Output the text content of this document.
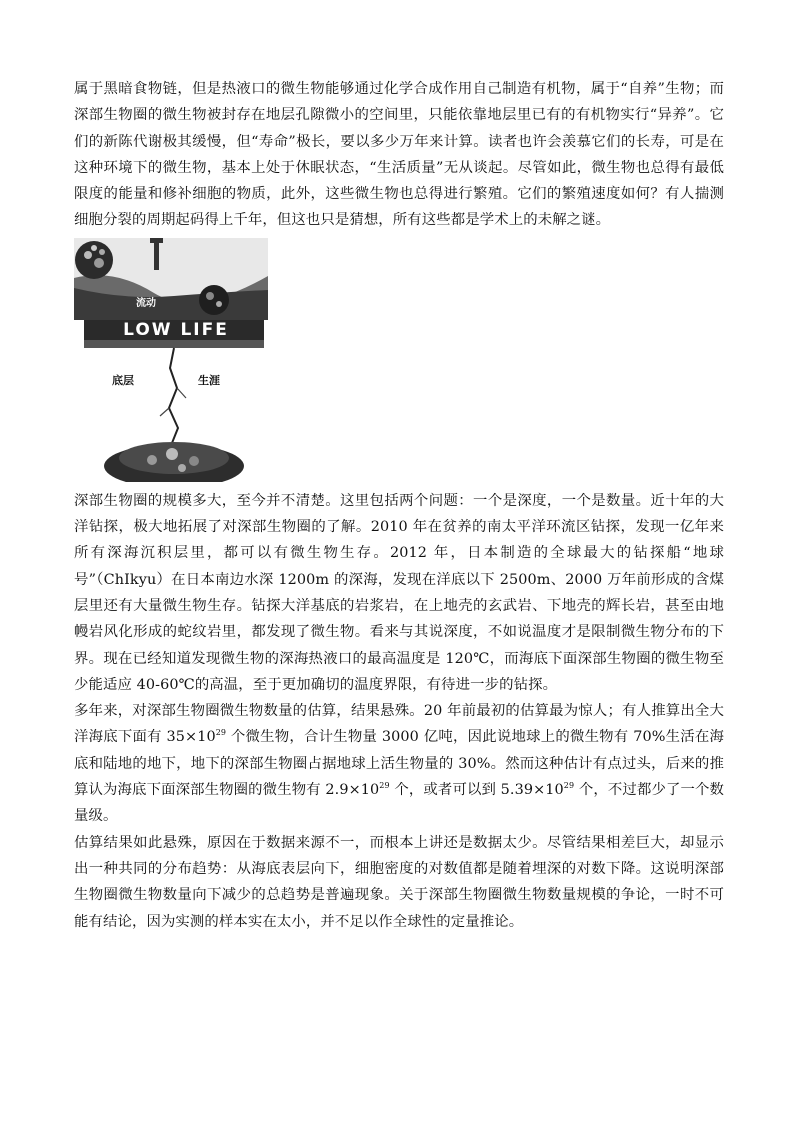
属于黑暗食物链，但是热液口的微生物能够通过化学合成作用自己制造有机物，属于“自养”生物；而深部生物圈的微生物被封存在地层孔隙微小的空间里，只能依靠地层里已有的有机物实行“异养”。它们的新陈代谢极其缓慢，但“寿命”极长，要以多少万年来计算。读者也许会羡慕它们的长寿，可是在这种环境下的微生物，基本上处于休眠状态，“生活质量”无从谈起。尽管如此，微生物也总得有最低限度的能量和修补细胞的物质，此外，这些微生物也总得进行繁殖。它们的繁殖速度如何？有人揣测细胞分裂的周期起码得上千年，但这也只是猜想，所有这些都是学术上的未解之谜。

LOW LIFE
流动
底层	生涯

深部生物圈的规模多大，至今并不清楚。这里包括两个问题：一个是深度，一个是数量。近十年的大洋钻探，极大地拓展了对深部生物圈的了解。2010 年在贫养的南太平洋环流区钻探，发现一亿年来所有深海沉积层里，都可以有微生物生存。2012 年，日本制造的全球最大的钻探船“地球号”（ChIkyu）在日本南边水深 1200m 的深海，发现在洋底以下 2500m、2000 万年前形成的含煤层里还有大量微生物生存。钻探大洋基底的岩浆岩，在上地壳的玄武岩、下地壳的辉长岩，甚至由地幔岩风化形成的蛇纹岩里，都发现了微生物。看来与其说深度，不如说温度才是限制微生物分布的下界。现在已经知道发现微生物的深海热液口的最高温度是 120℃，而海底下面深部生物圈的微生物至少能适应 40-60℃的高温，至于更加确切的温度界限，有待进一步的钻探。

多年来，对深部生物圈微生物数量的估算，结果悬殊。20 年前最初的估算最为惊人；有人推算出全大洋海底下面有 $35\times 10^{29}$ 个微生物，合计生物量 3000 亿吨，因此说地球上的微生物有 70%生活在海底和陆地的地下，地下的深部生物圈占据地球上活生物量的 30%。然而这种估计有点过头，后来的推算认为海底下面深部生物圈的微生物有 $2.9\times 10^{29}$ 个，或者可以到 $5.39\times 10^{29}$ 个，不过都少了一个数量级。

估算结果如此悬殊，原因在于数据来源不一，而根本上讲还是数据太少。尽管结果相差巨大，却显示出一种共同的分布趋势：从海底表层向下，细胞密度的对数值都是随着埋深的对数下降。这说明深部生物圈微生物数量向下减少的总趋势是普遍现象。关于深部生物圈微生物数量规模的争论，一时不可能有结论，因为实测的样本实在太小，并不足以作全球性的定量推论。
